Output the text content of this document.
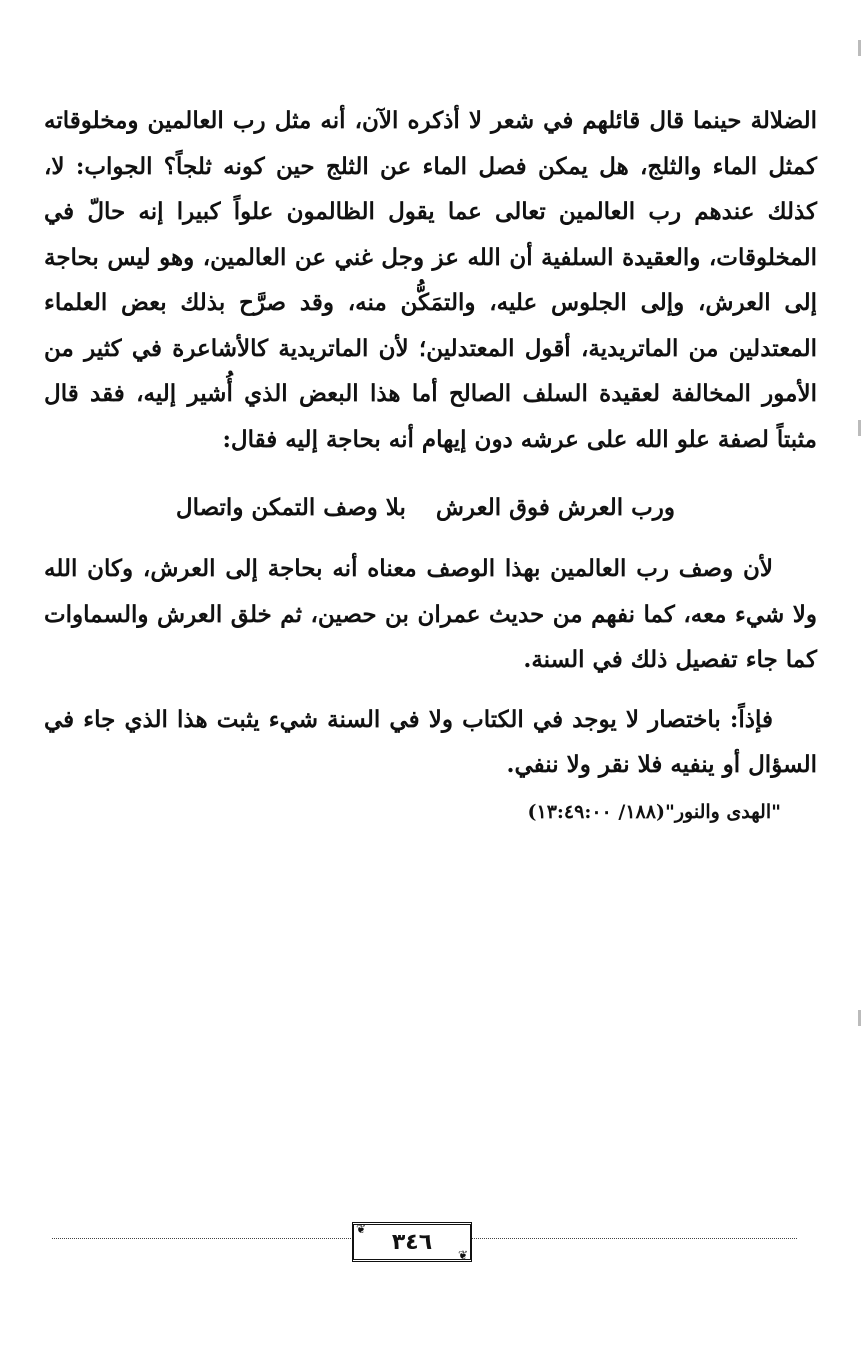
الضلالة حينما قال قائلهم في شعر لا أذكره الآن، أنه مثل رب العالمين ومخلوقاته كمثل الماء والثلج، هل يمكن فصل الماء عن الثلج حين كونه ثلجاً؟ الجواب: لا، كذلك عندهم رب العالمين تعالى عما يقول الظالمون علواً كبيرا إنه حالّ في المخلوقات، والعقيدة السلفية أن الله عز وجل غني عن العالمين، وهو ليس بحاجة إلى العرش، وإلى الجلوس عليه، والتمَكُّن منه، وقد صرَّح بذلك بعض العلماء المعتدلين من الماتريدية، أقول المعتدلين؛ لأن الماتريدية كالأشاعرة في كثير من الأمور المخالفة لعقيدة السلف الصالح أما هذا البعض الذي أُشير إليه، فقد قال مثبتاً لصفة علو الله على عرشه دون إيهام أنه بحاجة إليه فقال:

ورب العرش فوق العرش
بلا وصف التمكن واتصال

لأن وصف رب العالمين بهذا الوصف معناه أنه بحاجة إلى العرش، وكان الله ولا شيء معه، كما نفهم من حديث عمران بن حصين، ثم خلق العرش والسماوات كما جاء تفصيل ذلك في السنة.

فإذاً: باختصار لا يوجد في الكتاب ولا في السنة شيء يثبت هذا الذي جاء في السؤال أو ينفيه فلا نقر ولا ننفي.

"الهدى والنور"(١٨٨/ ١٣:٤٩:٠٠)
❦
٣٤٦
❦
